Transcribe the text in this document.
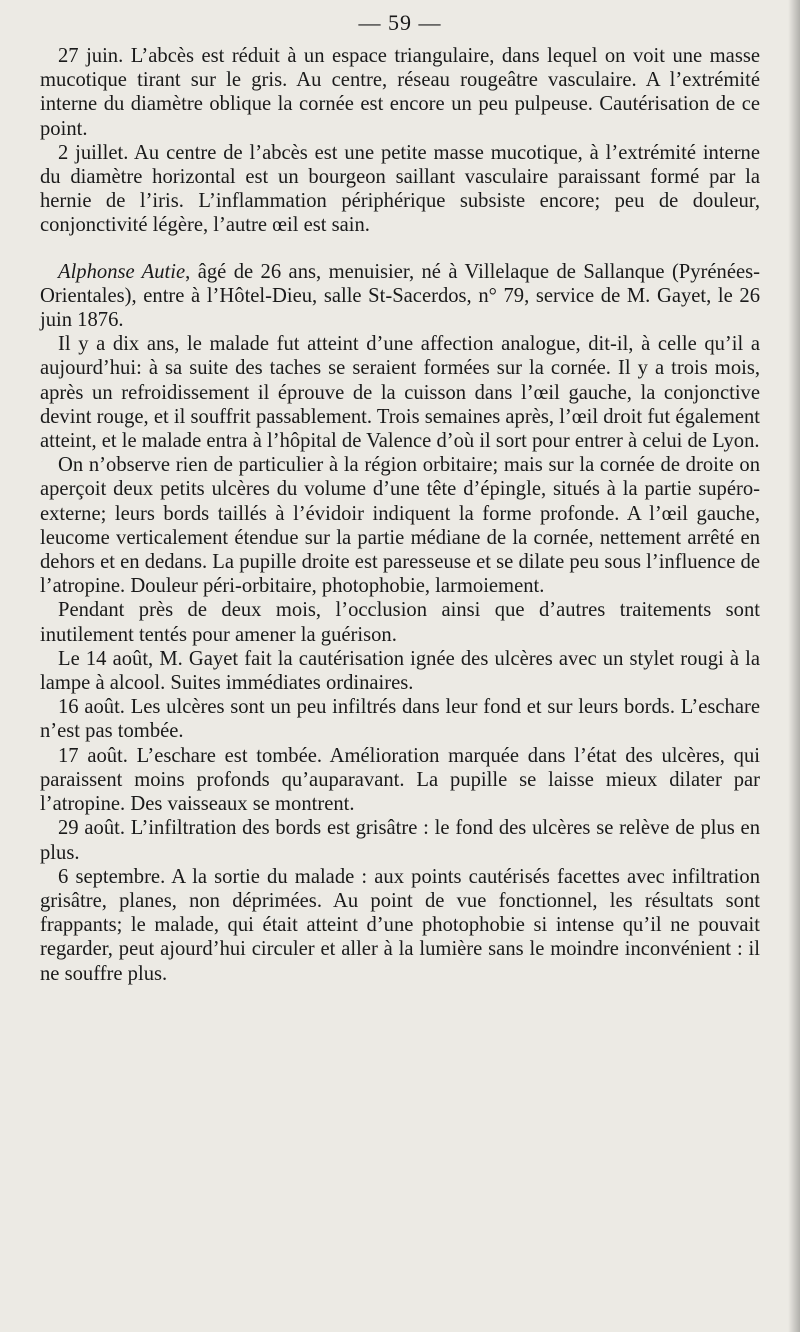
— 59 —

27 juin. L’abcès est réduit à un espace triangulaire, dans lequel on voit une masse mucotique tirant sur le gris. Au centre, réseau rougeâtre vasculaire. A l’extrémité interne du diamètre oblique la cornée est encore un peu pulpeuse. Cautérisation de ce point.

2 juillet. Au centre de l’abcès est une petite masse mucotique, à l’extrémité interne du diamètre horizontal est un bourgeon saillant vasculaire paraissant formé par la hernie de l’iris. L’inflammation périphérique subsiste encore; peu de douleur, conjonctivité légère, l’autre œil est sain.

Alphonse Autie, âgé de 26 ans, menuisier, né à Villelaque de Sallanque (Pyrénées-Orientales), entre à l’Hôtel-Dieu, salle St-Sacerdos, n° 79, service de M. Gayet, le 26 juin 1876.

Il y a dix ans, le malade fut atteint d’une affection analogue, dit-il, à celle qu’il a aujourd’hui: à sa suite des taches se seraient formées sur la cornée. Il y a trois mois, après un refroidissement il éprouve de la cuisson dans l’œil gauche, la conjonctive devint rouge, et il souffrit passablement. Trois semaines après, l’œil droit fut également atteint, et le malade entra à l’hôpital de Valence d’où il sort pour entrer à celui de Lyon.

On n’observe rien de particulier à la région orbitaire; mais sur la cornée de droite on aperçoit deux petits ulcères du volume d’une tête d’épingle, situés à la partie supéro-externe; leurs bords taillés à l’évidoir indiquent la forme profonde. A l’œil gauche, leucome verticalement étendue sur la partie médiane de la cornée, nettement arrêté en dehors et en dedans. La pupille droite est paresseuse et se dilate peu sous l’influence de l’atropine. Douleur péri-orbitaire, photophobie, larmoiement.

Pendant près de deux mois, l’occlusion ainsi que d’autres traitements sont inutilement tentés pour amener la guérison.

Le 14 août, M. Gayet fait la cautérisation ignée des ulcères avec un stylet rougi à la lampe à alcool. Suites immédiates ordinaires.

16 août. Les ulcères sont un peu infiltrés dans leur fond et sur leurs bords. L’eschare n’est pas tombée.

17 août. L’eschare est tombée. Amélioration marquée dans l’état des ulcères, qui paraissent moins profonds qu’auparavant. La pupille se laisse mieux dilater par l’atropine. Des vaisseaux se montrent.

29 août. L’infiltration des bords est grisâtre : le fond des ulcères se relève de plus en plus.

6 septembre. A la sortie du malade : aux points cautérisés facettes avec infiltration grisâtre, planes, non déprimées. Au point de vue fonctionnel, les résultats sont frappants; le malade, qui était atteint d’une photophobie si intense qu’il ne pouvait regarder, peut ajourd’hui circuler et aller à la lumière sans le moindre inconvénient : il ne souffre plus.
